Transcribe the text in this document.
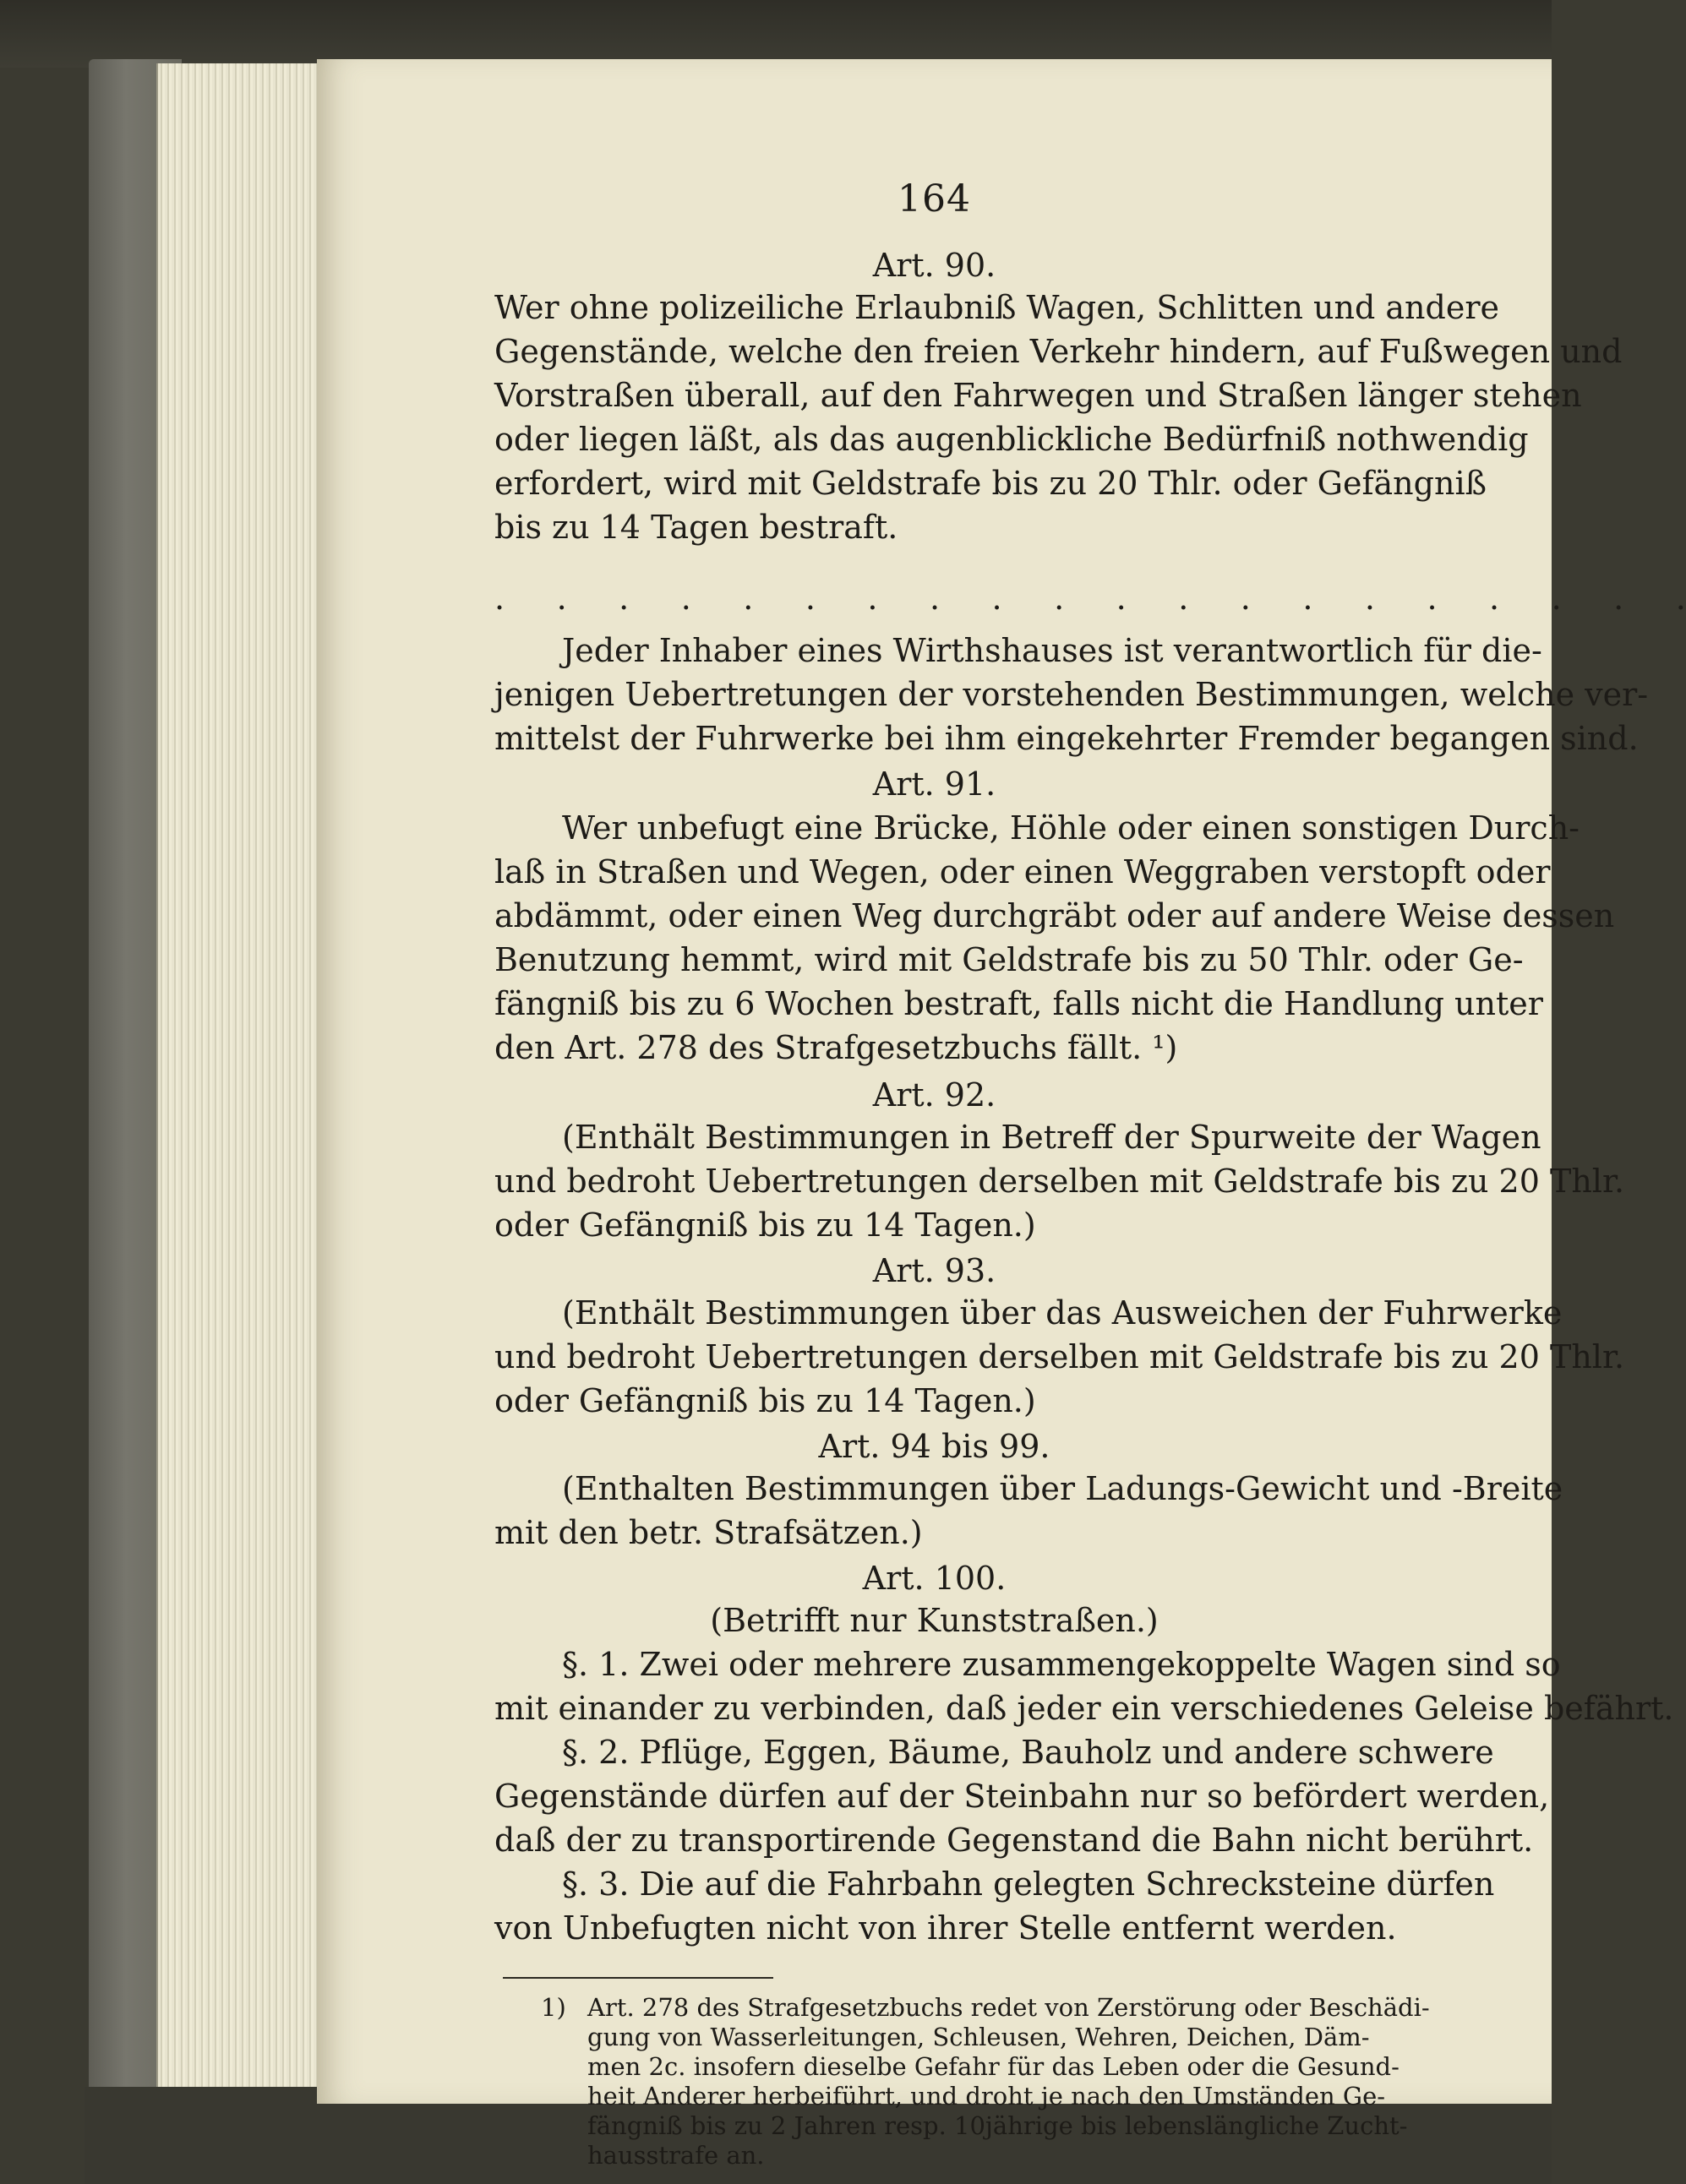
164
Art. 90.
Wer ohne polizeiliche Erlaubniß Wagen, Schlitten und andere
Gegenstände, welche den freien Verkehr hindern, auf Fußwegen und
Vorstraßen überall, auf den Fahrwegen und Straßen länger stehen
oder liegen läßt, als das augenblickliche Bedürfniß nothwendig
erfordert, wird mit Geldstrafe bis zu 20 Thlr. oder Gefängniß
bis zu 14 Tagen bestraft.
. . . . . . . . . . . . . . . . . . . .
Jeder Inhaber eines Wirthshauses ist verantwortlich für die-
jenigen Uebertretungen der vorstehenden Bestimmungen, welche ver-
mittelst der Fuhrwerke bei ihm eingekehrter Fremder begangen sind.
Art. 91.
Wer unbefugt eine Brücke, Höhle oder einen sonstigen Durch-
laß in Straßen und Wegen, oder einen Weggraben verstopft oder
abdämmt, oder einen Weg durchgräbt oder auf andere Weise dessen
Benutzung hemmt, wird mit Geldstrafe bis zu 50 Thlr. oder Ge-
fängniß bis zu 6 Wochen bestraft, falls nicht die Handlung unter
den Art. 278 des Strafgesetzbuchs fällt. ¹)
Art. 92.
(Enthält Bestimmungen in Betreff der Spurweite der Wagen
und bedroht Uebertretungen derselben mit Geldstrafe bis zu 20 Thlr.
oder Gefängniß bis zu 14 Tagen.)
Art. 93.
(Enthält Bestimmungen über das Ausweichen der Fuhrwerke
und bedroht Uebertretungen derselben mit Geldstrafe bis zu 20 Thlr.
oder Gefängniß bis zu 14 Tagen.)
Art. 94 bis 99.
(Enthalten Bestimmungen über Ladungs-Gewicht und -Breite
mit den betr. Strafsätzen.)
Art. 100.
(Betrifft nur Kunststraßen.)
§. 1. Zwei oder mehrere zusammengekoppelte Wagen sind so
mit einander zu verbinden, daß jeder ein verschiedenes Geleise befährt.
§. 2. Pflüge, Eggen, Bäume, Bauholz und andere schwere
Gegenstände dürfen auf der Steinbahn nur so befördert werden,
daß der zu transportirende Gegenstand die Bahn nicht berührt.
§. 3. Die auf die Fahrbahn gelegten Schrecksteine dürfen
von Unbefugten nicht von ihrer Stelle entfernt werden.
1) Art. 278 des Strafgesetzbuchs redet von Zerstörung oder Beschädi-
gung von Wasserleitungen, Schleusen, Wehren, Deichen, Däm-
men 2c. insofern dieselbe Gefahr für das Leben oder die Gesund-
heit Anderer herbeiführt, und droht je nach den Umständen Ge-
fängniß bis zu 2 Jahren resp. 10jährige bis lebenslängliche Zucht-
hausstrafe an.
